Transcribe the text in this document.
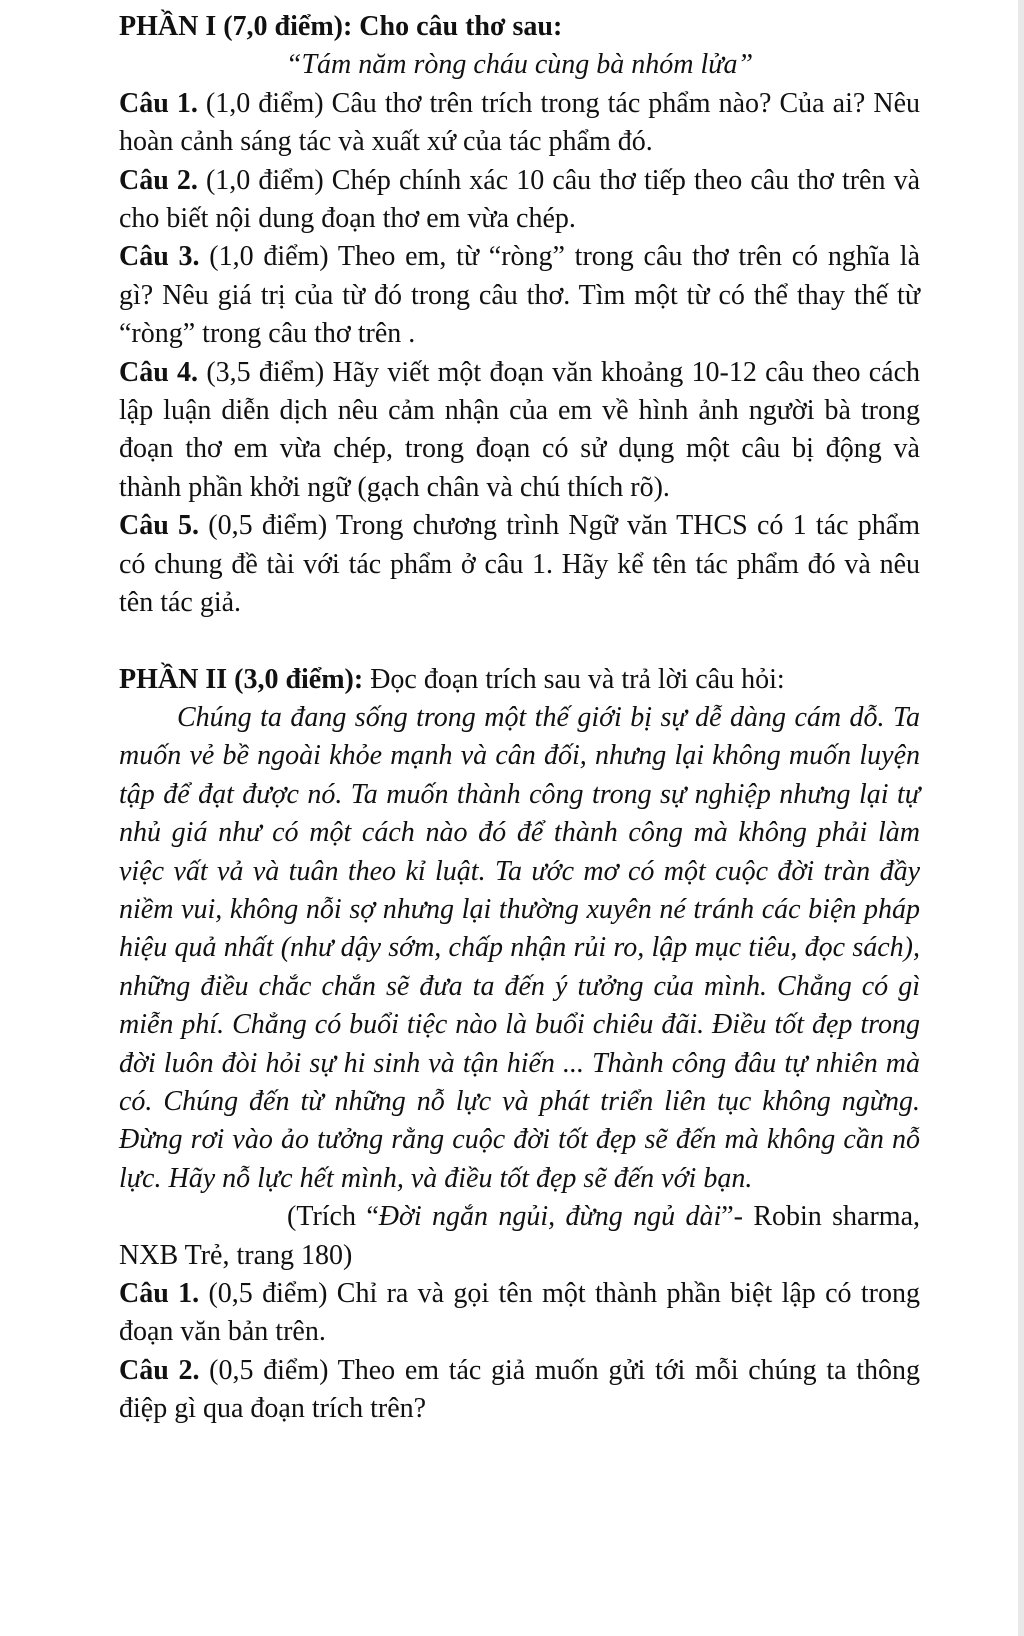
PHẦN I (7,0 điểm): Cho câu thơ sau:

“Tám năm ròng cháu cùng bà nhóm lửa”

Câu 1. (1,0 điểm) Câu thơ trên trích trong tác phẩm nào? Của ai? Nêu hoàn cảnh sáng tác và xuất xứ của tác phẩm đó.

Câu 2. (1,0 điểm) Chép chính xác 10 câu thơ tiếp theo câu thơ trên và cho biết nội dung đoạn thơ em vừa chép.

Câu 3. (1,0 điểm) Theo em, từ “ròng” trong câu thơ trên có nghĩa là gì? Nêu giá trị của từ đó trong câu thơ. Tìm một từ có thể thay thế từ “ròng” trong câu thơ trên .

Câu 4. (3,5 điểm) Hãy viết một đoạn văn khoảng 10-12 câu theo cách lập luận diễn dịch nêu cảm nhận của em về hình ảnh người bà trong đoạn thơ em vừa chép, trong đoạn có sử dụng một câu bị động và thành phần khởi ngữ (gạch chân và chú thích rõ).

Câu 5. (0,5 điểm) Trong chương trình Ngữ văn THCS có 1 tác phẩm có chung đề tài với tác phẩm ở câu 1. Hãy kể tên tác phẩm đó và nêu tên tác giả.

PHẦN II (3,0 điểm): Đọc đoạn trích sau và trả lời câu hỏi:

Chúng ta đang sống trong một thế giới bị sự dễ dàng cám dỗ. Ta muốn vẻ bề ngoài khỏe mạnh và cân đối, nhưng lại không muốn luyện tập để đạt được nó. Ta muốn thành công trong sự nghiệp nhưng lại tự nhủ giá như có một cách nào đó để thành công mà không phải làm việc vất vả và tuân theo kỉ luật. Ta ước mơ có một cuộc đời tràn đầy niềm vui, không nỗi sợ nhưng lại thường xuyên né tránh các biện pháp hiệu quả nhất (như dậy sớm, chấp nhận rủi ro, lập mục tiêu, đọc sách), những điều chắc chắn sẽ đưa ta đến ý tưởng của mình. Chẳng có gì miễn phí. Chẳng có buổi tiệc nào là buổi chiêu đãi. Điều tốt đẹp trong đời luôn đòi hỏi sự hi sinh và tận hiến ... Thành công đâu tự nhiên mà có. Chúng đến từ những nỗ lực và phát triển liên tục không ngừng. Đừng rơi vào ảo tưởng rằng cuộc đời tốt đẹp sẽ đến mà không cần nỗ lực. Hãy nỗ lực hết mình, và điều tốt đẹp sẽ đến với bạn.

(Trích “Đời ngắn ngủi, đừng ngủ dài”- Robin sharma, NXB Trẻ, trang 180)

Câu 1. (0,5 điểm) Chỉ ra và gọi tên một thành phần biệt lập có trong đoạn văn bản trên.

Câu 2. (0,5 điểm) Theo em tác giả muốn gửi tới mỗi chúng ta thông điệp gì qua đoạn trích trên?
